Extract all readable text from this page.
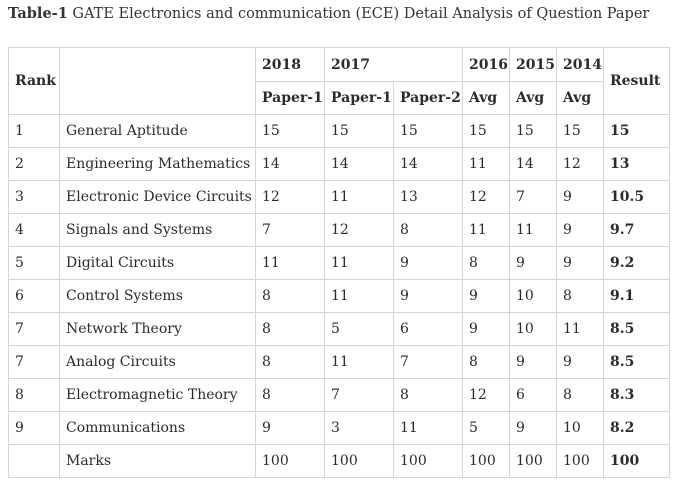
Table-1 GATE Electronics and communication (ECE) Detail Analysis of Question Paper
Rank		2018	2017		2016	2015	2014	Result
		Paper-1	Paper-1	Paper-2	Avg	Avg	Avg	
1	General Aptitude	15	15	15	15	15	15	15
2	Engineering Mathematics	14	14	14	11	14	12	13
3	Electronic Device Circuits	12	11	13	12	7	9	10.5
4	Signals and Systems	7	12	8	11	11	9	9.7
5	Digital Circuits	11	11	9	8	9	9	9.2
6	Control Systems	8	11	9	9	10	8	9.1
7	Network Theory	8	5	6	9	10	11	8.5
7	Analog Circuits	8	11	7	8	9	9	8.5
8	Electromagnetic Theory	8	7	8	12	6	8	8.3
9	Communications	9	3	11	5	9	10	8.2
	Marks	100	100	100	100	100	100	100
